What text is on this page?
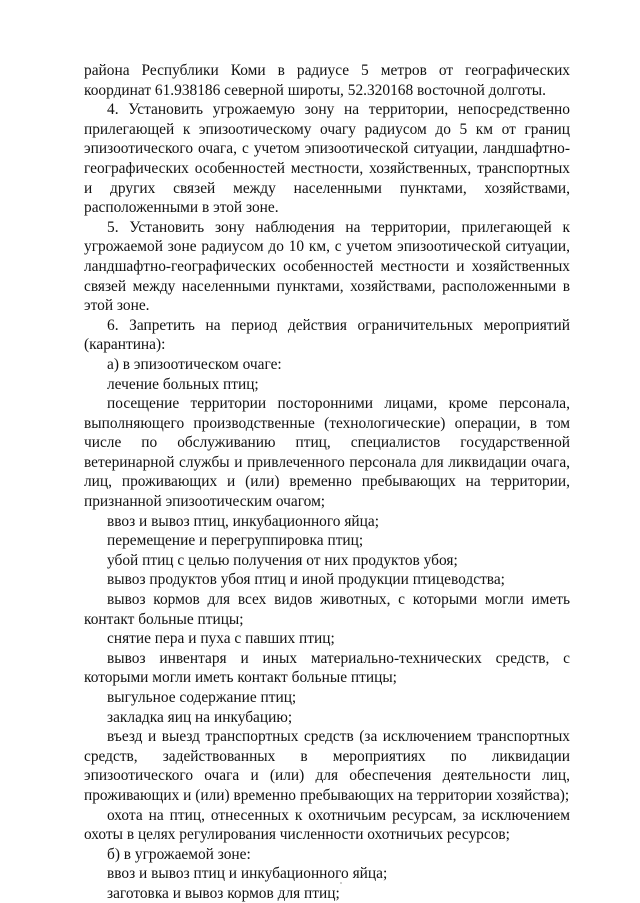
района Республики Коми в радиусе 5 метров от географических координат 61.938186 северной широты, 52.320168 восточной долготы.

4. Установить угрожаемую зону на территории, непосредственно прилегающей к эпизоотическому очагу радиусом до 5 км от границ эпизоотического очага, с учетом эпизоотической ситуации, ландшафтно-географических особенностей местности, хозяйственных, транспортных и других связей между населенными пунктами, хозяйствами, расположенными в этой зоне.

5. Установить зону наблюдения на территории, прилегающей к угрожаемой зоне радиусом до 10 км, с учетом эпизоотической ситуации, ландшафтно-географических особенностей местности и хозяйственных связей между населенными пунктами, хозяйствами, расположенными в этой зоне.

6. Запретить на период действия ограничительных мероприятий (карантина):

а) в эпизоотическом очаге:

лечение больных птиц;

посещение территории посторонними лицами, кроме персонала, выполняющего производственные (технологические) операции, в том числе по обслуживанию птиц, специалистов государственной ветеринарной службы и привлеченного персонала для ликвидации очага, лиц, проживающих и (или) временно пребывающих на территории, признанной эпизоотическим очагом;

ввоз и вывоз птиц, инкубационного яйца;

перемещение и перегруппировка птиц;

убой птиц с целью получения от них продуктов убоя;

вывоз продуктов убоя птиц и иной продукции птицеводства;

вывоз кормов для всех видов животных, с которыми могли иметь контакт больные птицы;

снятие пера и пуха с павших птиц;

вывоз инвентаря и иных материально-технических средств, с которыми могли иметь контакт больные птицы;

выгульное содержание птиц;

закладка яиц на инкубацию;

въезд и выезд транспортных средств (за исключением транспортных средств, задействованных в мероприятиях по ликвидации эпизоотического очага и (или) для обеспечения деятельности лиц, проживающих и (или) временно пребывающих на территории хозяйства);

охота на птиц, отнесенных к охотничьим ресурсам, за исключением охоты в целях регулирования численности охотничьих ресурсов;

б) в угрожаемой зоне:

ввоз и вывоз птиц и инкубационного яйца;

заготовка и вывоз кормов для птиц;
